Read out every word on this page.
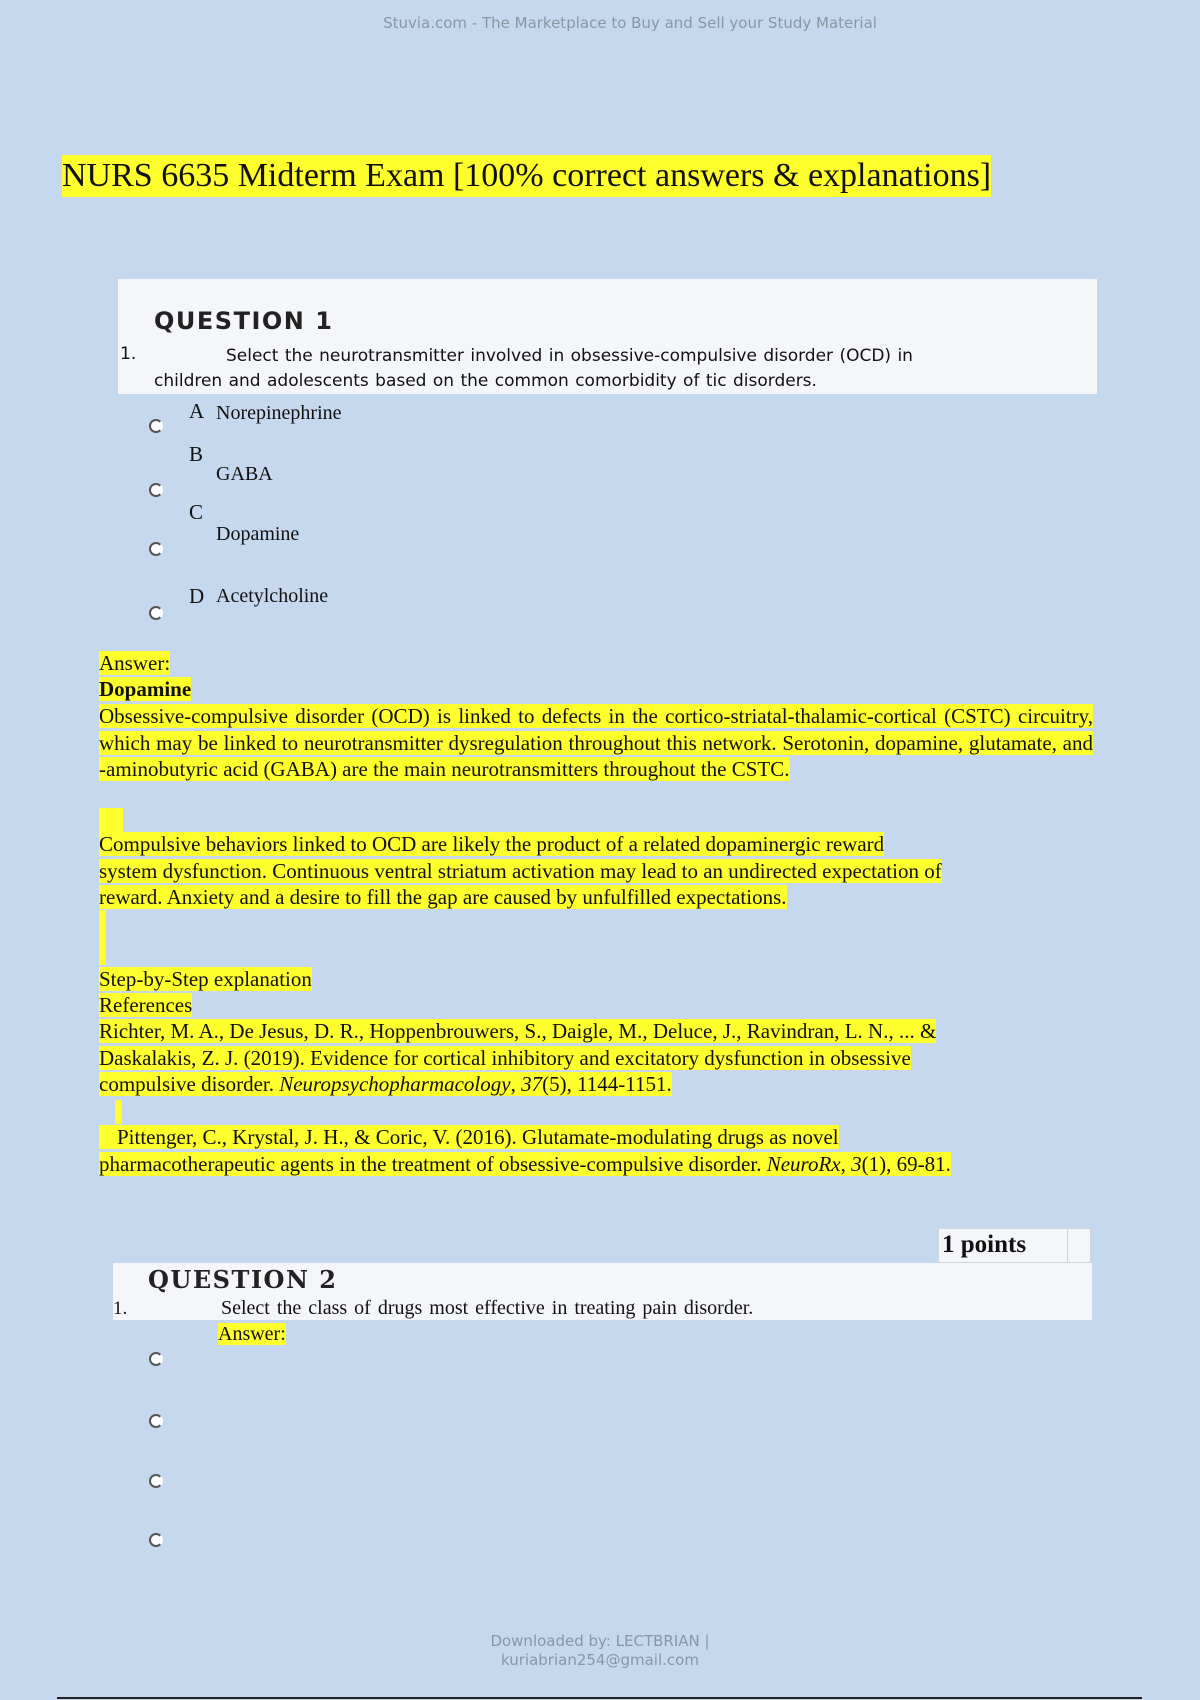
Stuvia.com - The Marketplace to Buy and Sell your Study Material
NURS 6635 Midterm Exam [100% correct answers & explanations]
QUESTION 1
1.	Select the neurotransmitter involved in obsessive-compulsive disorder (OCD) in children and adolescents based on the common comorbidity of tic disorders.
A Norepinephrine
B
GABA
C
Dopamine
D Acetylcholine
Answer:
Dopamine
Obsessive-compulsive disorder (OCD) is linked to defects in the cortico-striatal-thalamic-cortical (CSTC) circuitry, which may be linked to neurotransmitter dysregulation throughout this network. Serotonin, dopamine, glutamate, and -aminobutyric acid (GABA) are the main neurotransmitters throughout the CSTC.
Compulsive behaviors linked to OCD are likely the product of a related dopaminergic reward
system dysfunction. Continuous ventral striatum activation may lead to an undirected expectation of
reward. Anxiety and a desire to fill the gap are caused by unfulfilled expectations.
Step-by-Step explanation
References
Richter, M. A., De Jesus, D. R., Hoppenbrouwers, S., Daigle, M., Deluce, J., Ravindran, L. N., ... &
Daskalakis, Z. J. (2019). Evidence for cortical inhibitory and excitatory dysfunction in obsessive
compulsive disorder. Neuropsychopharmacology, 37(5), 1144-1151.
Pittenger, C., Krystal, J. H., & Coric, V. (2016). Glutamate-modulating drugs as novel
pharmacotherapeutic agents in the treatment of obsessive-compulsive disorder. NeuroRx, 3(1), 69-81.
1 points
QUESTION 2
1.	Select the class of drugs most effective in treating pain disorder.
Answer:
Downloaded by: LECTBRIAN |
kuriabrian254@gmail.com
